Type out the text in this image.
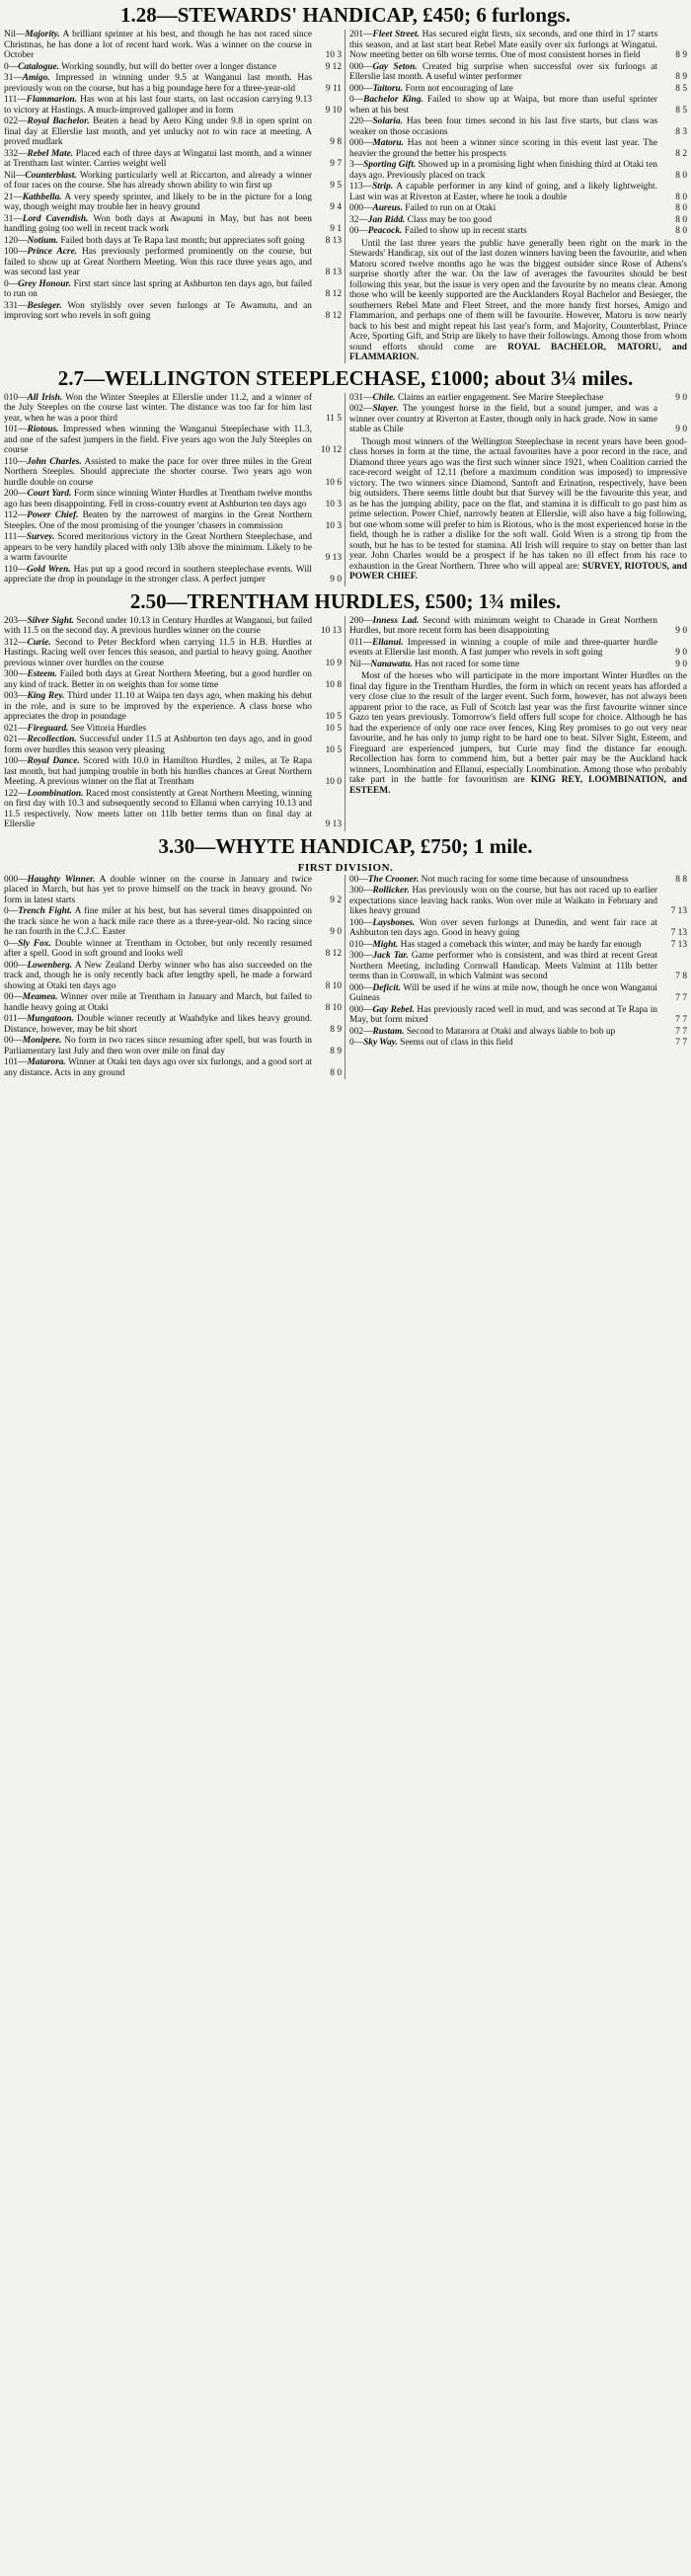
1.28—STEWARDS' HANDICAP, £450; 6 furlongs.
Nil—Majority. A brilliant sprinter at his best, and though he has not raced since Christmas, he has done a lot of recent hard work. Was a winner on the course in October	10 3
0—Catalogue. Working soundly, but will do better over a longer distance	9 12
31—Amigo. Impressed in winning under 9.5 at Wanganui last month. Has previously won on the course, but has a big poundage here for a three-year-old	9 11
111—Flammarion. Has won at his last four starts, on last occasion carrying 9.13 to victory at Hastings. A much-improved galloper and in form	9 10
022—Royal Bachelor. Beaten a head by Aero King under 9.8 in open sprint on final day at Ellerslie last month, and yet unlucky not to win race at meeting. A proved mudlark	9 8
332—Rebel Mate. Placed each of three days at Wingatui last month, and a winner at Trentham last winter. Carries weight well	9 7
Nil—Counterblast. Working particularly well at Riccarton, and already a winner of four races on the course. She has already shown ability to win first up	9 5
21—Kathbella. A very speedy sprinter, and likely to be in the picture for a long way, though weight may trouble her in heavy ground	9 4
31—Lord Cavendish. Won both days at Awapuni in May, but has not been handling going too well in recent track work	9 1
120—Notium. Failed both days at Te Rapa last month; but appreciates soft going	8 13
100—Prince Acre. Has previously performed prominently on the course, but failed to show up at Great Northern Meeting. Won this race three years ago, and was second last year	8 13
0—Grey Honour. First start since last spring at Ashburton ten days ago, but failed to run on	8 12
331—Besieger. Won stylishly over seven furlongs at Te Awamutu, and an improving sort who revels in soft going	8 12
201—Fleet Street. Has secured eight firsts, six seconds, and one third in 17 starts this season, and at last start beat Rebel Mate easily over six furlongs at Wingatui. Now meeting better on 6lb worse terms. One of most consistent horses in field	8 9
000—Gay Seton. Created big surprise when successful over six furlongs at Ellerslie last month. A useful winter performer	8 9
000—Taitoru. Form not encouraging of late	8 5
0—Bachelor King. Failed to show up at Waipa, but more than useful sprinter when at his best	8 5
220—Solaria. Has been four times second in his last five starts, but class was weaker on those occasions	8 3
000—Matoru. Has not been a winner since scoring in this event last year. The heavier the ground the better his prospects	8 2
3—Sporting Gift. Showed up in a promising light when finishing third at Otaki ten days ago. Previously placed on track	8 0
113—Strip. A capable performer in any kind of going, and a likely lightweight. Last win was at Riverton at Easter, where he took a double	8 0
000—Aureus. Failed to run on at Otaki	8 0
32—Jan Ridd. Class may be too good	8 0
00—Peacock. Failed to show up in recent starts	8 0
Until the last three years the public have generally been right on the mark in the Stewards' Handicap, six out of the last dozen winners having been the favourite, and when Matoru scored twelve months ago he was the biggest outsider since Rose of Athens's surprise shortly after the war. On the law of averages the favourites should be best following this year, but the issue is very open and the favourite by no means clear. Among those who will be keenly supported are the Aucklanders Royal Bachelor and Besieger, the southerners Rebel Mate and Fleet Street, and the more handy first horses, Amigo and Flammarion, and perhaps one of them will be favourite. However, Matoru is now nearly back to his best and might repeat his last year's form, and Majority, Counterblast, Prince Acre, Sporting Gift, and Strip are likely to have their followings. Among those from whom sound efforts should come are ROYAL BACHELOR, MATORU, and FLAMMARION.
2.7—WELLINGTON STEEPLECHASE, £1000; about 3¼ miles.
010—All Irish. Won the Winter Steeples at Ellerslie under 11.2, and a winner of the July Steeples on the course last winter. The distance was too far for him last year, when he was a poor third	11 5
101—Riotous. Impressed when winning the Wanganui Steeplechase with 11.3, and one of the safest jumpers in the field. Five years ago won the July Steeples on course	10 12
110—John Charles. Assisted to make the pace for over three miles in the Great Northern Steeples. Should appreciate the shorter course. Two years ago won hurdle double on course	10 6
200—Court Yard. Form since winning Winter Hurdles at Trentham twelve months ago has been disappointing. Fell in cross-country event at Ashburton ten days ago	10 3
112—Power Chief. Beaten by the narrowest of margins in the Great Northern Steeples. One of the most promising of the younger 'chasers in commission	10 3
111—Survey. Scored meritorious victory in the Great Northern Steeplechase, and appears to be very handily placed with only 13lb above the minimum. Likely to be a warm favourite	9 13
110—Gold Wren. Has put up a good record in southern steeplechase events. Will appreciate the drop in poundage in the stronger class. A perfect jumper	9 0
031—Chile. Claims an earlier engagement. See Marire Steeplechase	9 0
002—Slayer. The youngest horse in the field, but a sound jumper, and was a winner over country at Riverton at Easter, though only in hack grade. Now in same stable as Chile	9 0
Though most winners of the Wellington Steeplechase in recent years have been good-class horses in form at the time, the actual favourites have a poor record in the race, and Diamond three years ago was the first such winner since 1921, when Coalition carried the race-record weight of 12.11 (before a maximum condition was imposed) to impressive victory. The two winners since Diamond, Santoft and Erination, respectively, have been big outsiders. There seems little doubt but that Survey will be the favourite this year, and as he has the jumping ability, pace on the flat, and stamina it is difficult to go past him as prime selection. Power Chief, narrowly beaten at Ellerslie, will also have a big following, but one whom some will prefer to him is Riotous, who is the most experienced horse in the field, though he is rather a dislike for the soft wall. Gold Wren is a strong tip from the south, but he has to be tested for stamina. All Irish will require to stay on better than last year. John Charles would be a prospect if he has taken no ill effect from his race to exhaustion in the Great Northern. Three who will appeal are: SURVEY, RIOTOUS, and POWER CHIEF.
2.50—TRENTHAM HURDLES, £500; 1¾ miles.
203—Silver Sight. Second under 10.13 in Century Hurdles at Wanganui, but failed with 11.5 on the second day. A previous hurdles winner on the course	10 13
312—Curie. Second to Peter Beckford when carrying 11.5 in H.B. Hurdles at Hastings. Racing well over fences this season, and partial to heavy going. Another previous winner over hurdles on the course	10 9
300—Esteem. Failed both days at Great Northern Meeting, but a good hurdler on any kind of track. Better in on weights than for some time	10 8
003—King Rey. Third under 11.10 at Waipa ten days ago, when making his debut in the role, and is sure to be improved by the experience. A class horse who appreciates the drop in poundage	10 5
021—Fireguard. See Vittoria Hurdles	10 5
021—Recollection. Successful under 11.5 at Ashburton ten days ago, and in good form over hurdles this season very pleasing	10 5
100—Royal Dance. Scored with 10.0 in Hamilton Hurdles, 2 miles, at Te Rapa last month, but had jumping trouble in both his hurdles chances at Great Northern Meeting. A previous winner on the flat at Trentham	10 0
122—Loombination. Raced most consistently at Great Northern Meeting, winning on first day with 10.3 and subsequently second to Ellanui when carrying 10.13 and 11.5 respectively. Now meets latter on 11lb better terms than on final day at Ellerslie	9 13
200—Inness Lad. Second with minimum weight to Charade in Great Northern Hurdles, but more recent form has been disappointing	9 0
011—Ellanui. Impressed in winning a couple of mile and three-quarter hurdle events at Ellerslie last month. A fast jumper who revels in soft going	9 0
Nil—Nanawatu. Has not raced for some time	9 0
Most of the horses who will participate in the more important Winter Hurdles on the final day figure in the Trentham Hurdles, the form in which on recent years has afforded a very close clue to the result of the larger event. Such form, however, has not always been apparent prior to the race, as Full of Scotch last year was the first favourite winner since Gazo ten years previously. Tomorrow's field offers full scope for choice. Although he has had the experience of only one race over fences, King Rey promises to go out very near favourite, and he has only to jump right to be hard one to beat. Silver Sight, Esteem, and Fireguard are experienced jumpers, but Curie may find the distance far enough. Recollection has form to commend him, but a better pair may be the Auckland hack winners, Loombination and Ellanui, especially Loombination. Among those who probably take part in the battle for favouritism are KING REY, LOOMBINATION, and ESTEEM.
3.30—WHYTE HANDICAP, £750; 1 mile.
FIRST DIVISION.
000—Haughty Winner. A double winner on the course in January and twice placed in March, but has yet to prove himself on the track in heavy ground. No form in latest starts	9 2
0—Trench Fight. A fine miler at his best, but has several times disappointed on the track since he won a hack mile race there as a three-year-old. No racing since he ran fourth in the C.J.C. Easter	9 0
0—Sly Fox. Double winner at Trentham in October, but only recently resumed after a spell. Good in soft ground and looks well	8 12
000—Lowenberg. A New Zealand Derby winner who has also succeeded on the track and, though he is only recently back after lengthy spell, he made a forward showing at Otaki ten days ago	8 10
00—Meamea. Winner over mile at Trentham in January and March, but failed to handle heavy going at Otaki	8 10
011—Mungatoon. Double winner recently at Waahdyke and likes heavy ground. Distance, however, may be bit short	8 9
00—Monipere. No form in two races since resuming after spell, but was fourth in Parliamentary last July and then won over mile on final day	8 9
101—Matarora. Winner at Otaki ten days ago over six furlongs, and a good sort at any distance. Acts in any ground	8 0
00—The Crooner. Not much racing for some time because of unsoundness	8 8
300—Rollicker. Has previously won on the course, but has not raced up to earlier expectations since leaving hack ranks. Won over mile at Waikato in February and likes heavy ground	7 13
100—Laysbones. Won over seven furlongs at Dunedin, and went fair race at Ashburton ten days ago. Good in heavy going	7 13
010—Might. Has staged a comeback this winter, and may be hardy far enough	7 13
300—Jack Tar. Game performer who is consistent, and was third at recent Great Northern Meeting, including Cornwall Handicap. Meets Valmint at 11lb better terms than in Cornwall, in which Valmint was second	7 8
000—Deficit. Will be used if he wins at mile now, though he once won Wanganui Guineas	7 7
000—Gay Rebel. Has previously raced well in mud, and was second at Te Rapa in May, but form mixed	7 7
002—Rustam. Second to Matarora at Otaki and always liable to bob up	7 7
0—Sky Way. Seems out of class in this field	7 7
